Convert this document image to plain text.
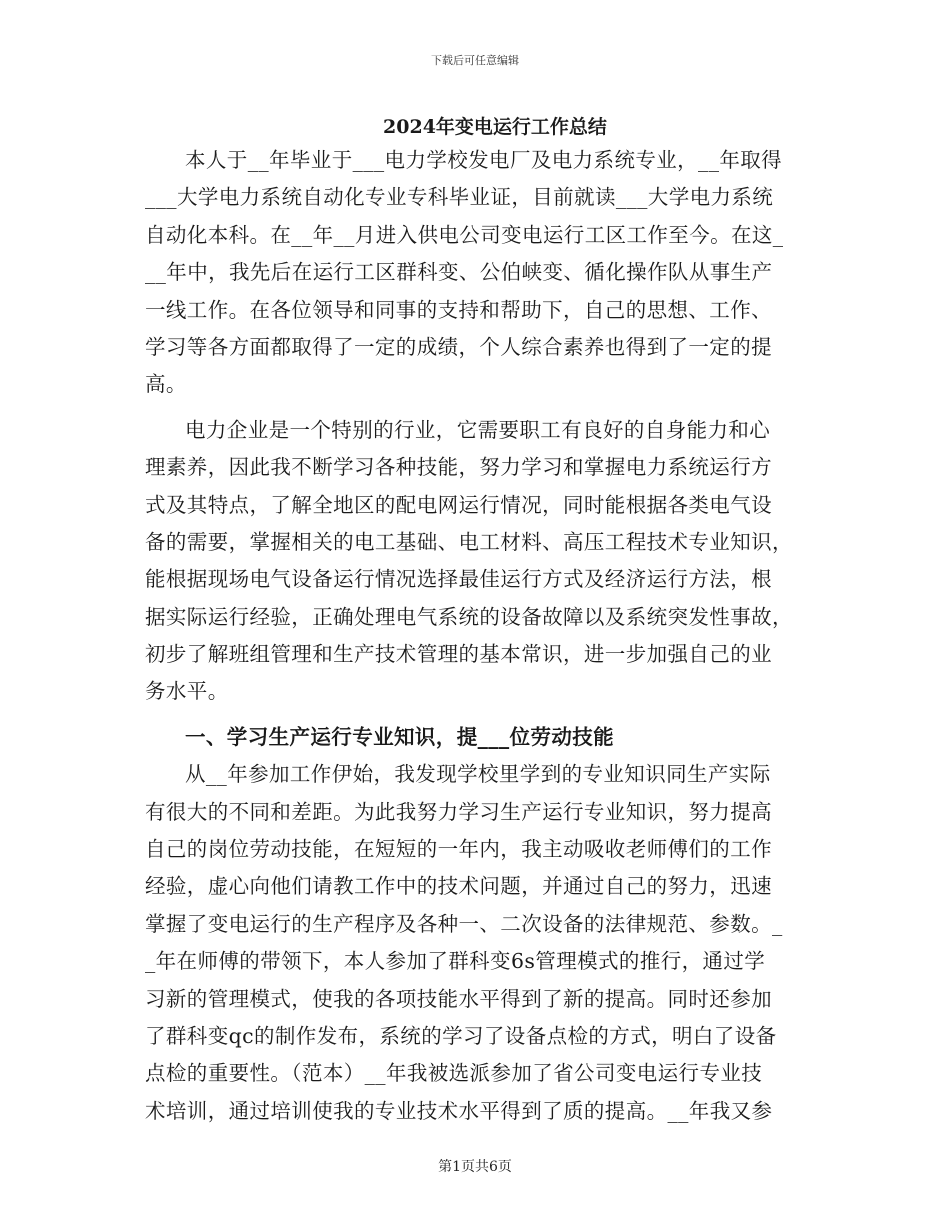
下载后可任意编辑
2024年变电运行工作总结
本人于__年毕业于___电力学校发电厂及电力系统专业，__年取得
___大学电力系统自动化专业专科毕业证，目前就读___大学电力系统
自动化本科。在__年__月进入供电公司变电运行工区工作至今。在这_
__年中，我先后在运行工区群科变、公伯峡变、循化操作队从事生产
一线工作。在各位领导和同事的支持和帮助下，自己的思想、工作、
学习等各方面都取得了一定的成绩，个人综合素养也得到了一定的提
高。
电力企业是一个特别的行业，它需要职工有良好的自身能力和心
理素养，因此我不断学习各种技能，努力学习和掌握电力系统运行方
式及其特点，了解全地区的配电网运行情况，同时能根据各类电气设
备的需要，掌握相关的电工基础、电工材料、高压工程技术专业知识，
能根据现场电气设备运行情况选择最佳运行方式及经济运行方法，根
据实际运行经验，正确处理电气系统的设备故障以及系统突发性事故，
初步了解班组管理和生产技术管理的基本常识，进一步加强自己的业
务水平。
一、学习生产运行专业知识，提___位劳动技能
从__年参加工作伊始，我发现学校里学到的专业知识同生产实际
有很大的不同和差距。为此我努力学习生产运行专业知识，努力提高
自己的岗位劳动技能，在短短的一年内，我主动吸收老师傅们的工作
经验，虚心向他们请教工作中的技术问题，并通过自己的努力，迅速
掌握了变电运行的生产程序及各种一、二次设备的法律规范、参数。_
_年在师傅的带领下，本人参加了群科变6s管理模式的推行，通过学
习新的管理模式，使我的各项技能水平得到了新的提高。同时还参加
了群科变qc的制作发布，系统的学习了设备点检的方式，明白了设备
点检的重要性。（范本）__年我被选派参加了省公司变电运行专业技
术培训，通过培训使我的专业技术水平得到了质的提高。__年我又参
第1页共6页
